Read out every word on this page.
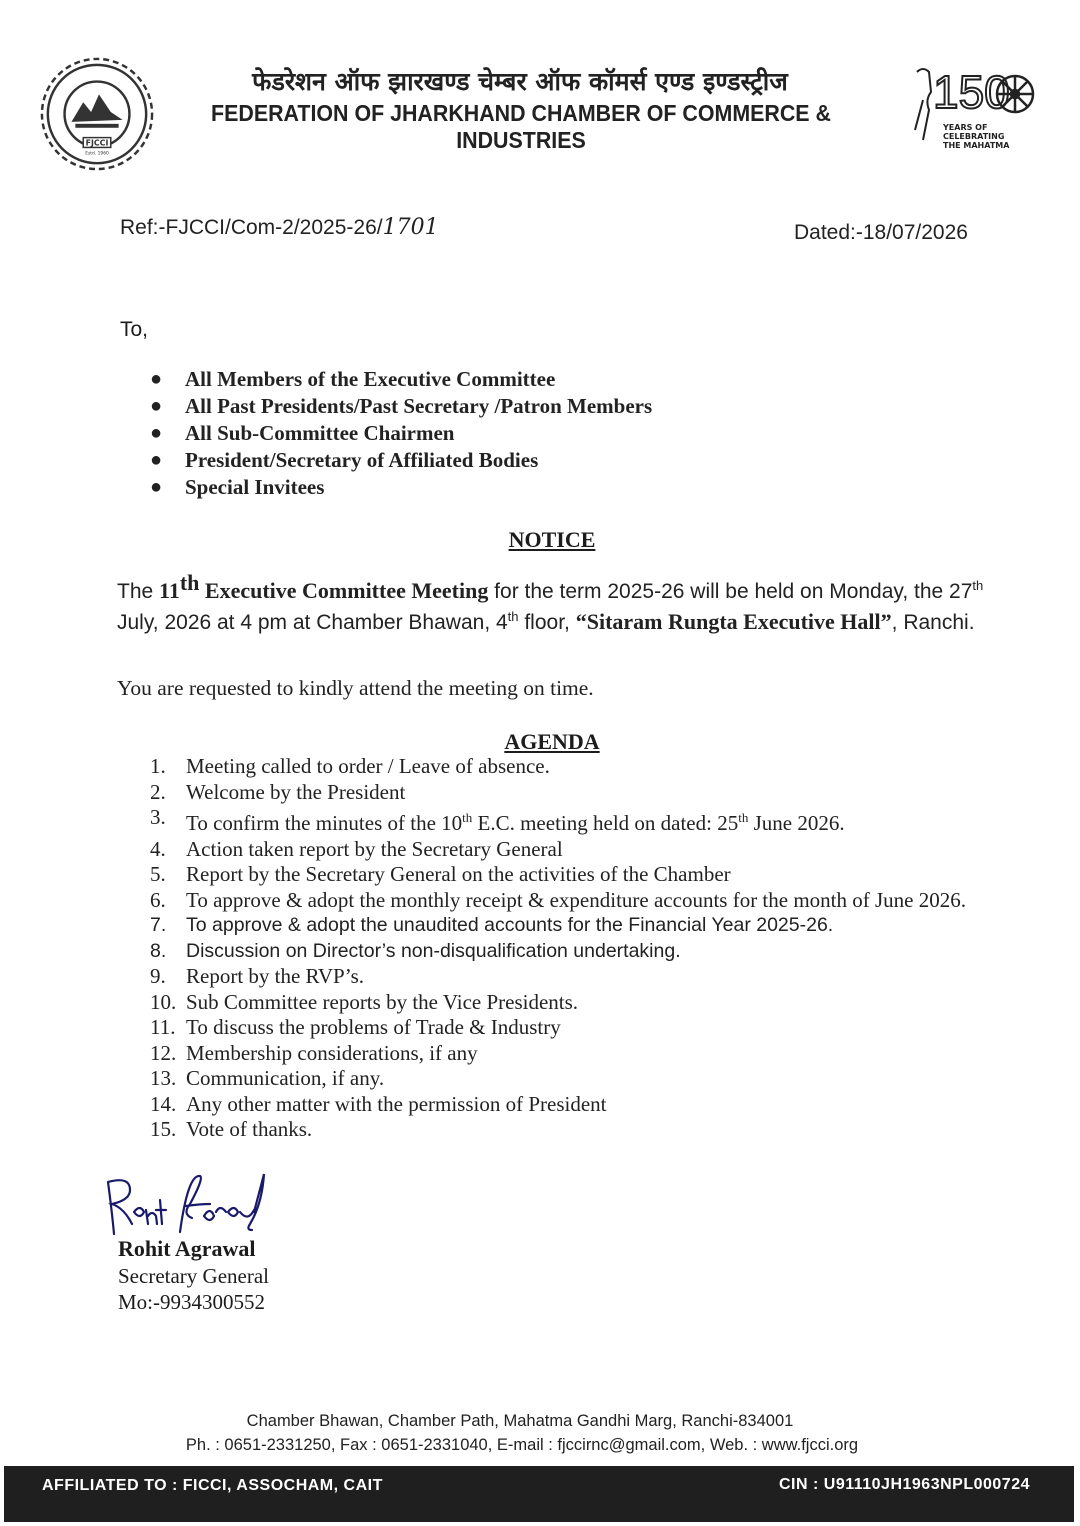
FJCCI
Estd. 1960
फेडरेशन ऑफ झारखण्ड चेम्बर ऑफ कॉमर्स एण्ड इण्डस्ट्रीज
FEDERATION OF JHARKHAND CHAMBER OF COMMERCE & INDUSTRIES
150
YEARS OF
CELEBRATING
THE MAHATMA
Ref:-FJCCI/Com-2/2025-26/1701	Dated:-18/07/2026
To,
● All Members of the Executive Committee
● All Past Presidents/Past Secretary /Patron Members
● All Sub-Committee Chairmen
● President/Secretary of Affiliated Bodies
● Special Invitees
NOTICE
The 11th Executive Committee Meeting for the term 2025-26 will be held on Monday, the 27th July, 2026 at 4 pm at Chamber Bhawan, 4th floor, “Sitaram Rungta Executive Hall”, Ranchi.
You are requested to kindly attend the meeting on time.
AGENDA
1. Meeting called to order / Leave of absence.
2. Welcome by the President
3. To confirm the minutes of the 10th E.C. meeting held on dated: 25th June 2026.
4. Action taken report by the Secretary General
5. Report by the Secretary General on the activities of the Chamber
6. To approve & adopt the monthly receipt & expenditure accounts for the month of June 2026.
7. To approve & adopt the unaudited accounts for the Financial Year 2025-26.
8. Discussion on Director’s non-disqualification undertaking.
9. Report by the RVP’s.
10. Sub Committee reports by the Vice Presidents.
11. To discuss the problems of Trade & Industry
12. Membership considerations, if any
13. Communication, if any.
14. Any other matter with the permission of President
15. Vote of thanks.
Rohit Agrawal
Secretary General
Mo:-9934300552
Chamber Bhawan, Chamber Path, Mahatma Gandhi Marg, Ranchi-834001
Ph. : 0651-2331250, Fax : 0651-2331040, E-mail : fjccirnc@gmail.com, Web. : www.fjcci.org
AFFILIATED TO : FICCI, ASSOCHAM, CAIT	CIN : U91110JH1963NPL000724
